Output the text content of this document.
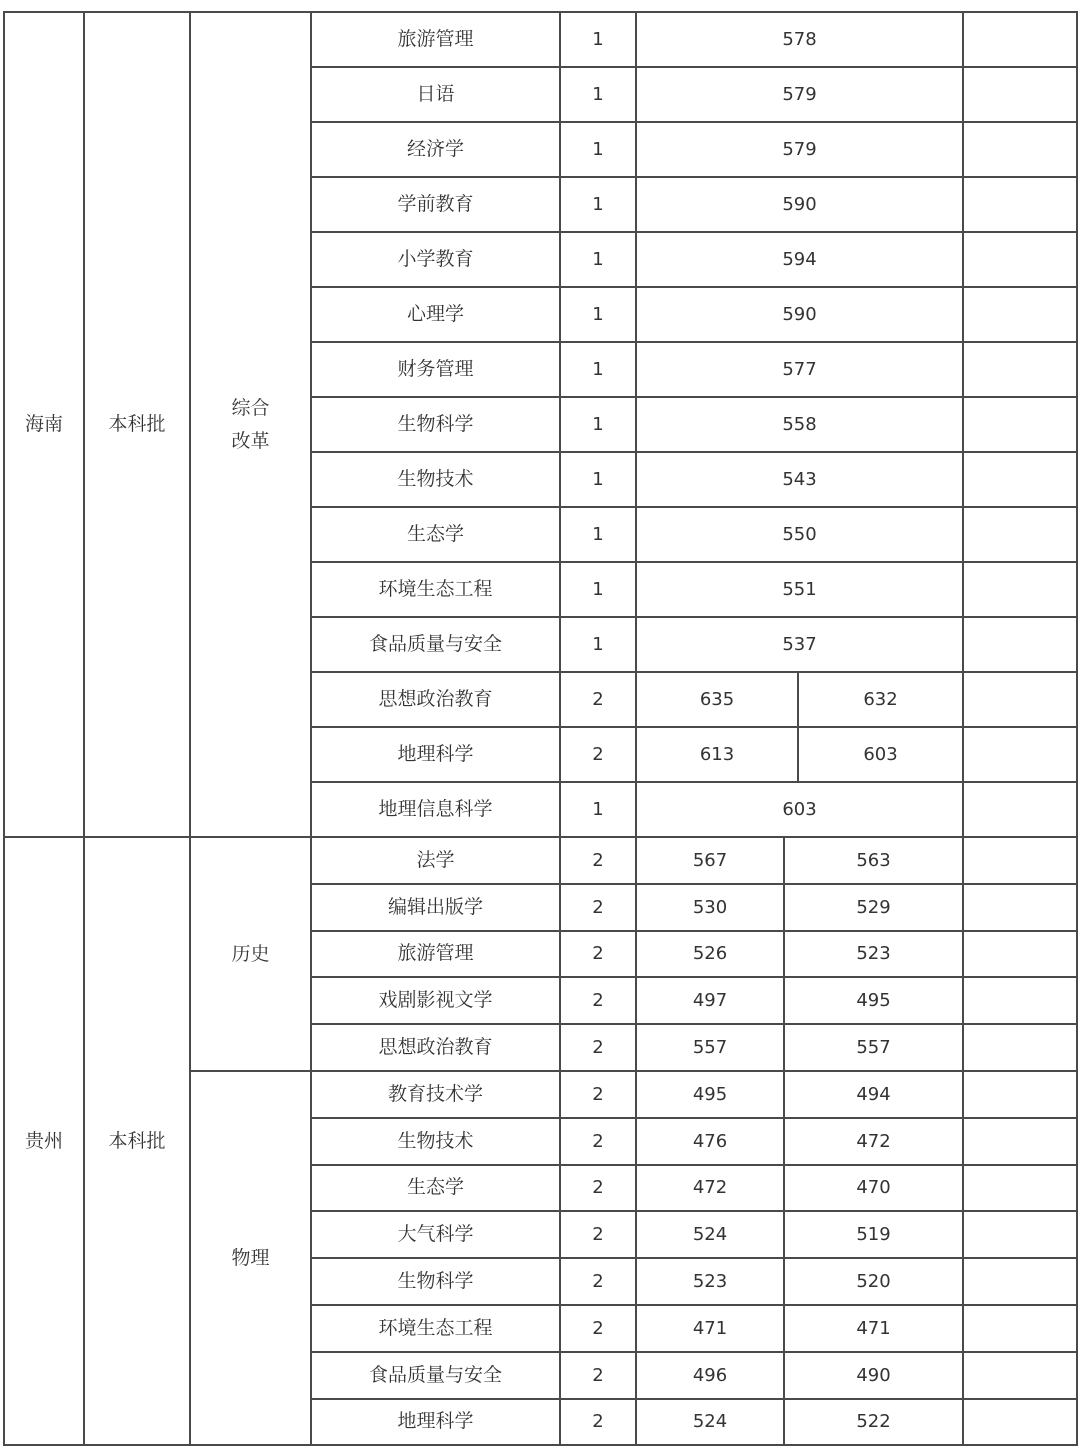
海南	本科批
综合
改革
旅游管理	1	578
日语	1	579
经济学	1	579
学前教育	1	590
小学教育	1	594
心理学	1	590
财务管理	1	577
生物科学	1	558
生物技术	1	543
生态学	1	550
环境生态工程	1	551
食品质量与安全	1	537
思想政治教育	2	635	632
地理科学	2	613	603
地理信息科学	1	603
贵州	本科批
历史
法学	2	567	563
编辑出版学	2	530	529
旅游管理	2	526	523
戏剧影视文学	2	497	495
思想政治教育	2	557	557
物理
教育技术学	2	495	494
生物技术	2	476	472
生态学	2	472	470
大气科学	2	524	519
生物科学	2	523	520
环境生态工程	2	471	471
食品质量与安全	2	496	490
地理科学	2	524	522
